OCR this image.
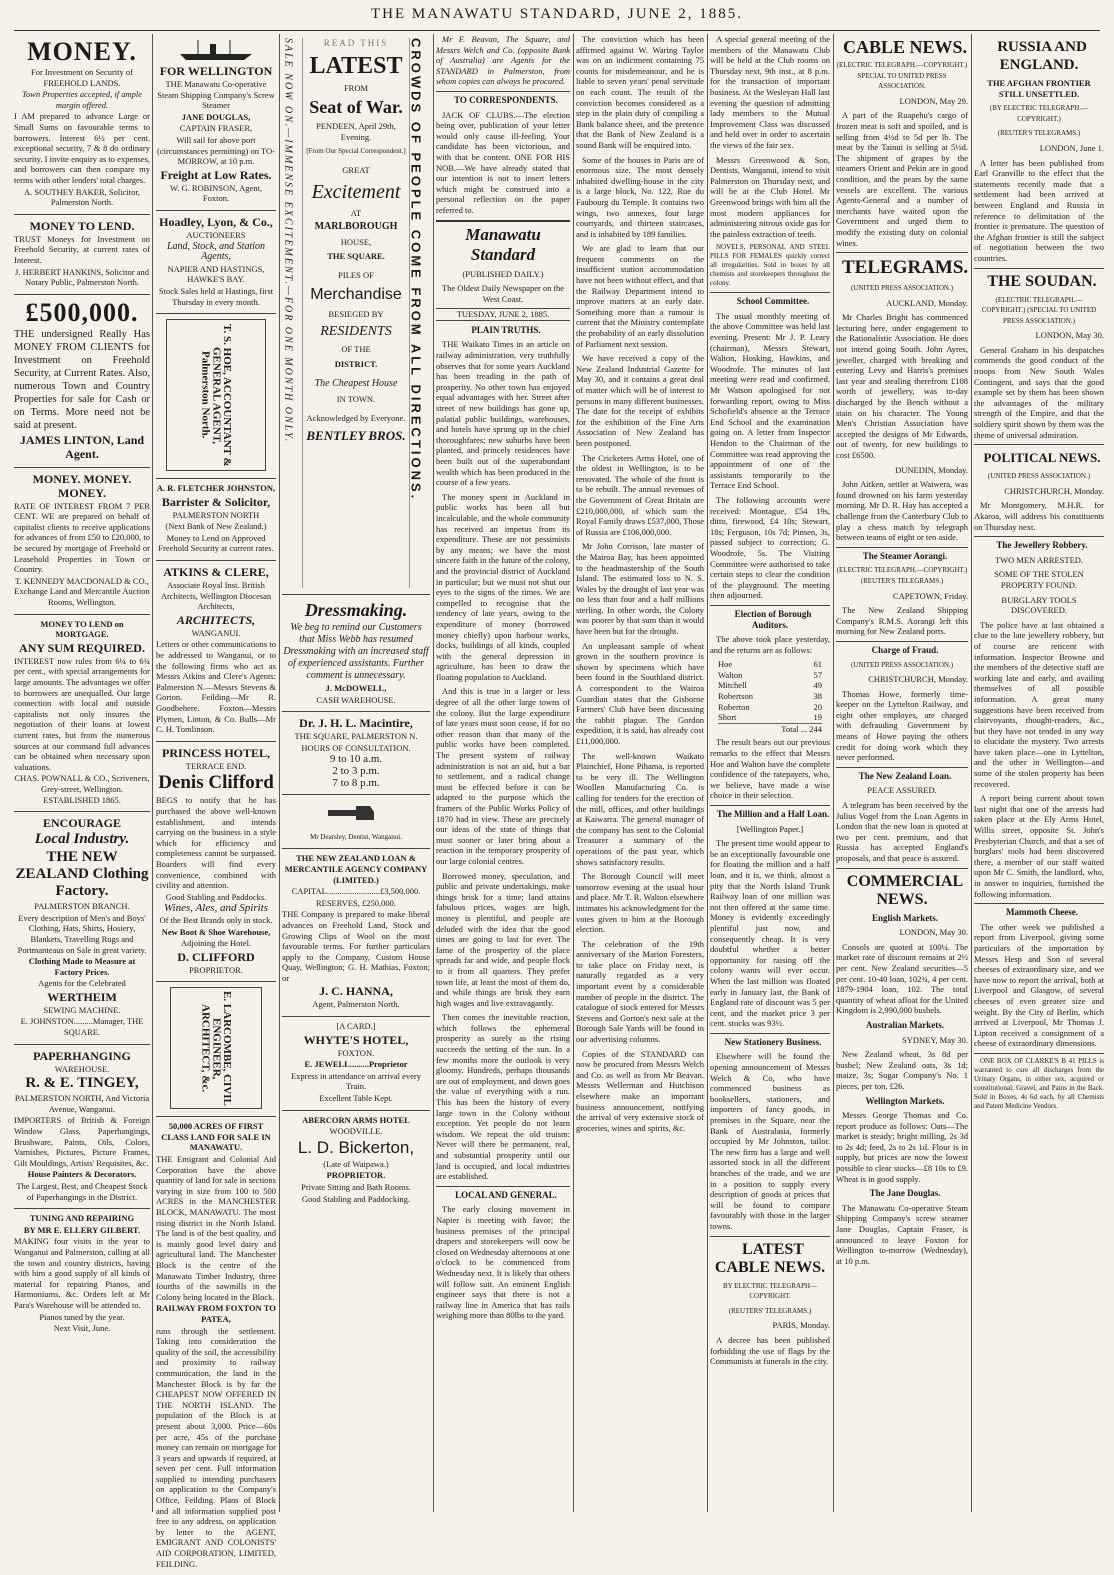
THE MANAWATU STANDARD, JUNE 2, 1885.

MONEY.

For Investment on Security of FREEHOLD LANDS.

Town Properties accepted, if ample margin offered.

I AM prepared to advance Large or Small Sums on favourable terms to borrowers. Interest 6½ per cent. exceptional security, 7 & 8 do ordinary security. I invite enquiry as to expenses, and borrowers can then compare my terms with other lenders' total charges.

A. SOUTHEY BAKER, Solicitor, Palmerston North.

MONEY TO LEND.

TRUST Moneys for Investment on Freehold Security, at current rates of Interest.

J. HERBERT HANKINS, Solicitor and Notary Public, Palmerston North.

£500,000.

THE undersigned Really Has MONEY FROM CLIENTS for Investment on Freehold Security, at Current Rates. Also, numerous Town and Country Properties for sale for Cash or on Terms. More need not be said at present.

JAMES LINTON, Land Agent.

MONEY. MONEY. MONEY.

RATE OF INTEREST FROM 7 PER CENT. WE are prepared on behalf of capitalist clients to receive applications for advances of from £50 to £20,000, to be secured by mortgage of Freehold or Leasehold Properties in Town or Country.

T. KENNEDY MACDONALD & CO., Exchange Land and Mercantile Auction Rooms, Wellington.

MONEY TO LEND on MORTGAGE.

ANY SUM REQUIRED.

INTEREST now rules from 6¼ to 6¾ per cent., with special arrangements for large amounts. The advantages we offer to borrowers are unequalled. Our large connection with local and outside capitalists not only insures the negotiation of their loans at lowest current rates, but from the numerous sources at our command full advances can be obtained when necessary upon valuations.

CHAS. POWNALL & CO., Scriveners, Grey-street, Wellington. ESTABLISHED 1865.

ENCOURAGE

Local Industry.

THE NEW ZEALAND Clothing Factory.

PALMERSTON BRANCH.

Every description of Men's and Boys' Clothing, Hats, Shirts, Hosiery, Blankets, Travelling Rugs and Portmanteaus on Sale in great variety.

Clothing Made to Measure at Factory Prices.

Agents for the Celebrated

WERTHEIM

SEWING MACHINE.

E. JOHNSTON.........Manager, THE SQUARE.

PAPERHANGING

WAREHOUSE.

R. & E. TINGEY,

PALMERSTON NORTH, And Victoria Avenue, Wanganui.

IMPORTERS of British & Foreign Window Glass, Paperhangings, Brushware, Paints, Oils, Colors, Varnishes, Pictures, Picture Frames, Gilt Mouldings, Artists' Requisites, &c.

House Painters & Decorators.

The Largest, Best, and Cheapest Stock of Paperhangings in the District.

TUNING AND REPAIRING

BY MR E. ELLERY GILBERT.

MAKING four visits in the year to Wanganui and Palmerston, calling at all the town and country districts, having with him a good supply of all kinds of material for repairing Pianos, and Harmoniums, &c. Orders left at Mr Para's Warehouse will be attended to.

Pianos tuned by the year.

Next Visit, June.

FOR WELLINGTON

THE Manawatu Co-operative Steam Shipping Company's Screw Steamer

JANE DOUGLAS,

CAPTAIN FRASER,

Will sail for above port (circumstances permitting) on TO-MORROW, at 10 p.m.

Freight at Low Rates.

W. G. ROBINSON, Agent, Foxton.

Hoadley, Lyon, & Co.,

AUCTIONEERS

Land, Stock, and Station Agents,

NAPIER AND HASTINGS, HAWKE'S BAY.

Stock Sales held at Hastings, first Thursday in every month.

T. S. HOE, ACCOUNTANT & GENERAL AGENT, Palmerston North.

A. R. FLETCHER JOHNSTON,

Barrister & Solicitor,

PALMERSTON NORTH

(Next Bank of New Zealand.)

Money to Lend on Approved Freehold Security at current rates.

ATKINS & CLERE,

Associate Royal Inst. British Architects, Wellington Diocesan Architects,

ARCHITECTS,

WANGANUI.

Letters or other communications to be addressed to Wanganui, or to the following firms who act as Messrs Atkins and Clere's Agents: Palmerston N.—Messrs Stevens & Gorton. Feilding—Mr R. Goodbehere. Foxton—Messrs Plymen, Linton, & Co. Bulls—Mr C. H. Tomlinson.

PRINCESS HOTEL,

TERRACE END.

Denis Clifford

BEGS to notify that he has purchased the above well-known establishment, and intends carrying on the business in a style which for efficiency and completeness cannot be surpassed. Boarders will find every convenience, combined with civility and attention.

Good Stabling and Paddocks.

Wines, Ales, and Spirits

Of the Best Brands only in stock.

New Boot & Shoe Warehouse,

Adjoining the Hotel.

D. CLIFFORD

PROPRIETOR.

E. LARCOMBE, CIVIL ENGINEER, ARCHITECT, &c.

50,000 ACRES OF FIRST CLASS LAND FOR SALE IN MANAWATU.

THE Emigrant and Colonial Aid Corporation have the above quantity of land for sale in sections varying in size from 100 to 500 ACRES in the MANCHESTER BLOCK, MANAWATU. The most rising district in the North Island. The land is of the best quality, and is mainly good level dairy and agricultural land. The Manchester Block is the centre of the Manawatu Timber Industry, three fourths of the sawmills in the Colony being located in the Block.

RAILWAY FROM FOXTON TO PATEA,

runs through the settlement. Taking into consideration the quality of the soil, the accessibility and proximity to railway communication, the land in the Manchester Block is by far the CHEAPEST NOW OFFERED IN THE NORTH ISLAND. The population of the Block is at present about 3,000. Price—60s per acre, 45s of the purchase money can remain on mortgage for 3 years and upwards if required, at seven per cent. Full information supplied to intending purchasers on application to the Company's Office, Feilding. Plans of Block and all information supplied post free to any address, on application by letter to the AGENT, EMIGRANT AND COLONISTS' AID CORPORATION, LIMITED, FEILDING.

SALE NOW ON.—IMMENSE EXCITEMENT.—FOR ONE MONTH ONLY.	CROWDS OF PEOPLE COME FROM ALL DIRECTIONS.

READ THIS

LATEST

FROM

Seat of War.

PENDEEN, April 29th, Evening.

[From Our Special Correspondent.]

GREAT

Excitement

AT

MARLBOROUGH

HOUSE,

THE SQUARE.

PILES OF

Merchandise

BESIEGED BY

RESIDENTS

OF THE

DISTRICT.

The Cheapest House

IN TOWN.

Acknowledged by Everyone.

BENTLEY BROS.

Dressmaking.

We beg to remind our Customers that Miss Webb has resumed Dressmaking with an increased staff of experienced assistants. Further comment is unnecessary.

J. McDOWELL,

CASH WAREHOUSE.

Dr. J. H. L. Macintire,

THE SQUARE, PALMERSTON N.

HOURS OF CONSULTATION.

9 to 10 a.m.

2 to 3 p.m.

7 to 8 p.m.

Mr Dearsley, Dentist, Wanganui.

THE NEW ZEALAND LOAN & MERCANTILE AGENCY COMPANY (LIMITED.)

CAPITAL.........................£3,500,000.

RESERVES, £250,000.

THE Company is prepared to make liberal advances on Freehold Land, Stock and Growing Clips of Wool on the most favourable terms. For further particulars apply to the Company, Custom House Quay, Wellington; G. H. Mathias, Foxton; or

J. C. HANNA,

Agent, Palmerston North.

[A CARD.]

WHYTE'S HOTEL,

FOXTON.

E. JEWELL.........Proprietor

Express in attendance on arrival every Train.

Excellent Table Kept.

ABERCORN ARMS HOTEL

WOODVILLE.

L. D. Bickerton,

(Late of Waipawa.)

PROPRIETOR.

Private Sitting and Bath Rooms.

Good Stabling and Paddocking.

Mr F. Beavan, The Square, and Messrs Welch and Co. (opposite Bank of Australia) are Agents for the STANDARD in Palmerston, from whom copies can always be procured.

TO CORRESPONDENTS.

JACK OF CLUBS.—The election being over, publication of your letter would only cause ill-feeling. Your candidate has been victorious, and with that be content. ONE FOR HIS NOB.—We have already stated that our intention is not to insert letters which might be construed into a personal reflection on the paper referred to.

Manawatu Standard

(PUBLISHED DAILY.)

The Oldest Daily Newspaper on the West Coast.

TUESDAY, JUNE 2, 1885.

PLAIN TRUTHS.

THE Waikato Times in an article on railway administration, very truthfully observes that for some years Auckland has been treading in the path of prosperity. No other town has enjoyed equal advantages with her. Street after street of new buildings has gone up, palatial public buildings, warehouses, and hotels have sprung up in the chief thoroughfares; new suburbs have been planted, and princely residences have been built out of the superabundant wealth which has been produced in the course of a few years.

The money spent in Auckland in public works has been all but incalculable, and the whole community has received an impetus from its expenditure. These are not pessimists by any means; we have the most sincere faith in the future of the colony, and the provincial district of Auckland in particular; but we must not shut our eyes to the signs of the times. We are compelled to recognise that the tendency of late years, owing to the expenditure of money (borrowed money chiefly) upon harbour works, docks, buildings of all kinds, coupled with the general depression in agriculture, has been to draw the floating population to Auckland.

And this is true in a larger or less degree of all the other large towns of the colony. But the large expenditure of late years must soon cease, if for no other reason than that many of the public works have been completed. The present system of railway administration is not an aid, but a bar to settlement, and a radical change must be effected before it can be adapted to the purpose which the framers of the Public Works Policy of 1870 had in view. These are precisely our ideas of the state of things that must sooner or later bring about a reaction in the temporary prosperity of our large colonial centres.

Borrowed money, speculation, and public and private undertakings, make things brisk for a time; land attains fabulous prices, wages are high, money is plentiful, and people are deluded with the idea that the good times are going to last for ever. The fame of the prosperity of the place spreads far and wide, and people flock to it from all quarters. They prefer town life, at least the most of them do, and while things are brisk they earn high wages and live extravagantly.

Then comes the inevitable reaction, which follows the ephemeral prosperity as surely as the rising succeeds the setting of the sun. In a few months more the outlook is very gloomy. Hundreds, perhaps thousands are out of employment, and down goes the value of everything with a run. This has been the history of every large town in the Colony without exception. Yet people do not learn wisdom. We repeat the old truism: Never will there be permanent, real, and substantial prosperity until our land is occupied, and local industries are established.

LOCAL AND GENERAL.

The early closing movement in Napier is meeting with favor; the business premises of the principal drapers and storekeepers will now be closed on Wednesday afternoons at one o'clock to be commenced from Wednesday next. It is likely that others will follow suit. An eminent English engineer says that there is not a railway line in America that has rails weighing more than 80lbs to the yard.

The conviction which has been affirmed against W. Waring Taylor was on an indictment containing 75 counts for misdemeanour, and he is liable to seven years' penal servitude on each count. The result of the conviction becomes considered as a step in the plain duty of compiling a Bank balance sheet, and the pretence that the Bank of New Zealand is a sound Bank will be enquired into.

Some of the houses in Paris are of enormous size. The most densely inhabited dwelling-house in the city is a large block, No. 122, Rue du Faubourg du Temple. It contains two wings, two annexes, four large courtyards, and thirteen staircases, and is inhabited by 189 families.

We are glad to learn that our frequent comments on the insufficient station accommodation have not been without effect, and that the Railway Department intend to improve matters at an early date. Something more than a rumour is current that the Ministry contemplate the probability of an early dissolution of Parliament next session.

We have received a copy of the New Zealand Industrial Gazette for May 30, and it contains a great deal of matter which will be of interest to persons in many different businesses. The date for the receipt of exhibits for the exhibition of the Fine Arts Association of New Zealand has been postponed.

The Cricketers Arms Hotel, one of the oldest in Wellington, is to be renovated. The whole of the front is to be rebuilt. The annual revenues of the Government of Great Britain are £210,000,000, of which sum the Royal Family draws £537,000, Those of Russia are £106,000,000.

Mr John Corrison, late master of the Mairoa Bay, has been appointed to the headmastership of the South Island. The estimated loss to N. S. Wales by the drought of last year was no less than four and a half millions sterling. In other words, the Colony was poorer by that sum than it would have been but for the drought.

An unpleasant sample of wheat grown in the southern province is shown by specimens which have been found in the Southland district. A correspondent to the Wairoa Guardian states that the Gisborne Farmers' Club have been discussing the rabbit plague. The Gordon expedition, it is said, has already cost £11,000,000.

The well-known Waikato Plainchief, Hone Pihama, is reported to be very ill. The Wellington Woollen Manufacturing Co. is calling for tenders for the erection of the mill, offices, and other buildings at Kaiwarra. The general manager of the company has sent to the Colonial Treasurer a summary of the operations of the past year, which shows satisfactory results.

The Borough Council will meet tomorrow evening at the usual hour and place. Mr T. R. Walton elsewhere intimates his acknowledgment for the votes given to him at the Borough election.

The celebration of the 19th anniversary of the Marion Foresters, to take place on Friday next, is naturally regarded as a very important event by a considerable number of people in the district. The catalogue of stock entered for Messrs Stevens and Gorton's next sale at the Borough Sale Yards will be found in our advertising columns.

Copies of the STANDARD can now be procured from Messrs Welch and Co. as well as from Mr Beavan. Messrs Wellerman and Hutchison elsewhere make an important business announcement, notifying the arrival of very extensive stock of groceries, wines and spirits, &c.

A special general meeting of the members of the Manawatu Club will be held at the Club rooms on Thursday next, 9th inst., at 8 p.m. for the transaction of important business. At the Wesleyan Hall last evening the question of admitting lady members to the Mutual Improvement Class was discussed and held over in order to ascertain the views of the fair sex.

Messrs Greenwood & Son, Dentists, Wanganui, intend to visit Palmerston on Thursday next, and will be at the Club Hotel. Mr Greenwood brings with him all the most modern appliances for administering nitrous oxide gas for the painless extraction of teeth.

NOVELS, PERSONAL AND STEEL PILLS FOR FEMALES quickly correct all irregularities. Sold in boxes by all chemists and storekeepers throughout the colony.

School Committee.

The usual monthly meeting of the above Committee was held last evening. Present: Mr J. P. Leary (chairman), Messrs Stewart, Walton, Hosking, Hawkins, and Woodrofe. The minutes of last meeting were read and confirmed. Mr Watson apologised for not forwarding report, owing to Miss Schofield's absence at the Terrace End School and the examination going on. A letter from Inspector Hendon to the Chairman of the Committee was read approving the appointment of one of the assistants temporarily to the Terrace End School.

The following accounts were received: Montague, £54 19s, ditto, firewood, £4 10s; Stewart, 18s; Ferguson, 10s 7d; Pinsen, 3s, passed subject to correction; G. Woodrofe, 5s. The Visiting Committee were authorised to take certain steps to clear the condition of the playground. The meeting then adjourned.

Election of Borough Auditors.

The above took place yesterday, and the returns are as follows:

Hoe	61
Walton	57
Mitchell	49
Robertson	38
Roberton	20
Short	19
Total ... 244

The result bears out our previous remarks to the effect that Messrs Hoe and Walton have the complete confidence of the ratepayers, who, we believe, have made a wise choice in their selection.

The Million and a Half Loan.

[Wellington Paper.]

The present time would appear to be an exceptionally favourable one for floating the million and a half loan, and it is, we think, almost a pity that the North Island Trunk Railway loan of one million was not then offered at the same time. Money is evidently exceedingly plentiful just now, and consequently cheap. It is very doubtful whether a better opportunity for raising off the colony wants will ever occur. When the last million was floated early in January last, the Bank of England rate of discount was 5 per cent, and the market price 3 per cent. stocks was 93½.

New Stationery Business.

Elsewhere will be found the opening announcement of Messrs Welch & Co, who have commenced business as booksellers, stationers, and importers of fancy goods, in premises in the Square, near the Bank of Australasia, formerly occupied by Mr Johnston, tailor. The new firm has a large and well assorted stock in all the different branches of the trade, and we are in a position to supply every description of goods at prices that will be found to compare favourably with those in the larger towns.

LATEST CABLE NEWS.

BY ELECTRIC TELEGRAPH—COPYRIGHT.

(REUTERS' TELEGRAMS.)

PARIS, Monday.

A decree has been published forbidding the use of flags by the Communists at funerals in the city.

CABLE NEWS.

(ELECTRIC TELEGRAPH.—COPYRIGHT.) SPECIAL TO UNITED PRESS ASSOCIATION.

LONDON, May 29.

A part of the Ruapehu's cargo of frozen meat is soft and spoiled, and is selling from 4½d to 5d per lb. The meat by the Tainui is selling at 5½d. The shipment of grapes by the steamers Orient and Pekin are in good condition, and the pears by the same vessels are excellent. The various Agents-General and a number of merchants have waited upon the Government and urged them to modify the existing duty on colonial wines.

TELEGRAMS.

(UNITED PRESS ASSOCIATION.)

AUCKLAND, Monday.

Mr Charles Bright has commenced lecturing here, under engagement to the Rationalistic Association. He does not intend going South. John Ayres, jeweller, charged with breaking and entering Levy and Harris's premises last year and stealing therefrom £108 worth of jewellery, was to-day discharged by the Bench without a stain on his character. The Young Men's Christian Association have accepted the designs of Mr Edwards, out of twenty, for new buildings to cost £6500.

DUNEDIN, Monday.

John Aitken, settler at Waiwera, was found drowned on his farm yesterday morning. Mr D. R. Hay has accepted a challenge from the Canterbury Club to play a chess match by telegraph between teams of eight or ten aside.

The Steamer Aorangi.

(ELECTRIC TELEGRAPH.—COPYRIGHT.) (REUTER'S TELEGRAMS.)

CAPETOWN, Friday.

The New Zealand Shipping Company's R.M.S. Aorangi left this morning for New Zealand ports.

Charge of Fraud.

(UNITED PRESS ASSOCIATION.)

CHRISTCHURCH, Monday.

Thomas Howe, formerly time-keeper on the Lyttelton Railway, and eight other employes, are charged with defrauding Government by means of Howe paying the others credit for doing work which they never performed.

The New Zealand Loan.

PEACE ASSURED.

A telegram has been received by the Julius Vogel from the Loan Agents in London that the new loan is quoted at two per cent. premium, and that Russia has accepted England's proposals, and that peace is assured.

COMMERCIAL NEWS.

English Markets.

LONDON, May 30.

Consols are quoted at 100¼. The market rate of discount remains at 2½ per cent. New Zealand securities—5 per cent. 10-40 loan, 102¾, 4 per cent. 1879-1904 loan, 102. The total quantity of wheat afloat for the United Kingdom is 2,990,000 bushels.

Australian Markets.

SYDNEY, May 30.

New Zealand wheat, 3s 8d per bushel; New Zealand oats, 3s 1d; maize, 3s; Sugar Company's No. 1 pieces, per ton, £26.

Wellington Markets.

Messrs George Thomas and Co. report produce as follows: Oats—The market is steady; bright milling, 2s 3d to 2s 4d; feed, 2s to 2s 1d. Flour is in supply, but prices are now the lowest possible to clear stocks—£8 10s to £9. Wheat is in good supply.

The Jane Douglas.

The Manawatu Co-operative Steam Shipping Company's screw steamer Jane Douglas, Captain Fraser, is announced to leave Foxton for Wellington to-morrow (Wednesday), at 10 p.m.

RUSSIA AND ENGLAND.

THE AFGHAN FRONTIER STILL UNSETTLED.

(BY ELECTRIC TELEGRAPH.—COPYRIGHT.)

(REUTER'S TELEGRAMS.)

LONDON, June 1.

A letter has been published from Earl Granville to the effect that the statements recently made that a settlement had been arrived at between England and Russia in reference to delimitation of the frontier is premature. The question of the Afghan frontier is still the subject of negotiation between the two countries.

THE SOUDAN.

(ELECTRIC TELEGRAPH.—COPYRIGHT.) (SPECIAL TO UNITED PRESS ASSOCIATION.)

LONDON, May 30.

General Graham in his despatches commends the good conduct of the troops from New South Wales Contingent, and says that the good example set by them has been shown the advantages of the military strength of the Empire, and that the soldiery spirit shown by them was the theme of universal admiration.

POLITICAL NEWS.

(UNITED PRESS ASSOCIATION.)

CHRISTCHURCH, Monday.

Mr Montgomery, M.H.R. for Akaroa, will address his constituents on Thursday next.

The Jewellery Robbery.

TWO MEN ARRESTED.

SOME OF THE STOLEN PROPERTY FOUND.

BURGLARY TOOLS DISCOVERED.

The police have at last obtained a clue to the late jewellery robbery, but of course are reticent with information. Inspector Browne and the members of the detective staff are working late and early, and availing themselves of all possible information. A great many suggestions have been received from clairvoyants, thought-readers, &c., but they have not tended in any way to elucidate the mystery. Two arrests have taken place—one in Lyttelton, and the other in Wellington—and some of the stolen property has been recovered.

A report being current about town last night that one of the arrests had taken place at the Ely Arms Hotel, Willis street, opposite St. John's Presbyterian Church, and that a set of burglars' tools had been discovered there, a member of our staff waited upon Mr C. Smith, the landlord, who, in answer to inquiries, furnished the following information.

Mammoth Cheese.

The other week we published a report from Liverpool, giving some particulars of the importation by Messrs Hesp and Son of several cheeses of extraordinary size, and we have now to report the arrival, both at Liverpool and Glasgow, of several cheeses of even greater size and weight. By the City of Berlin, which arrived at Liverpool, Mr Thomas J. Lipton received a consignment of a cheese of extraordinary dimensions.

ONE BOX OF CLARKE'S B 41 PILLS is warranted to cure all discharges from the Urinary Organs, in either sex, acquired or constitutional, Gravel, and Pains in the Back. Sold in Boxes, 4s 6d each, by all Chemists and Patent Medicine Vendors.
